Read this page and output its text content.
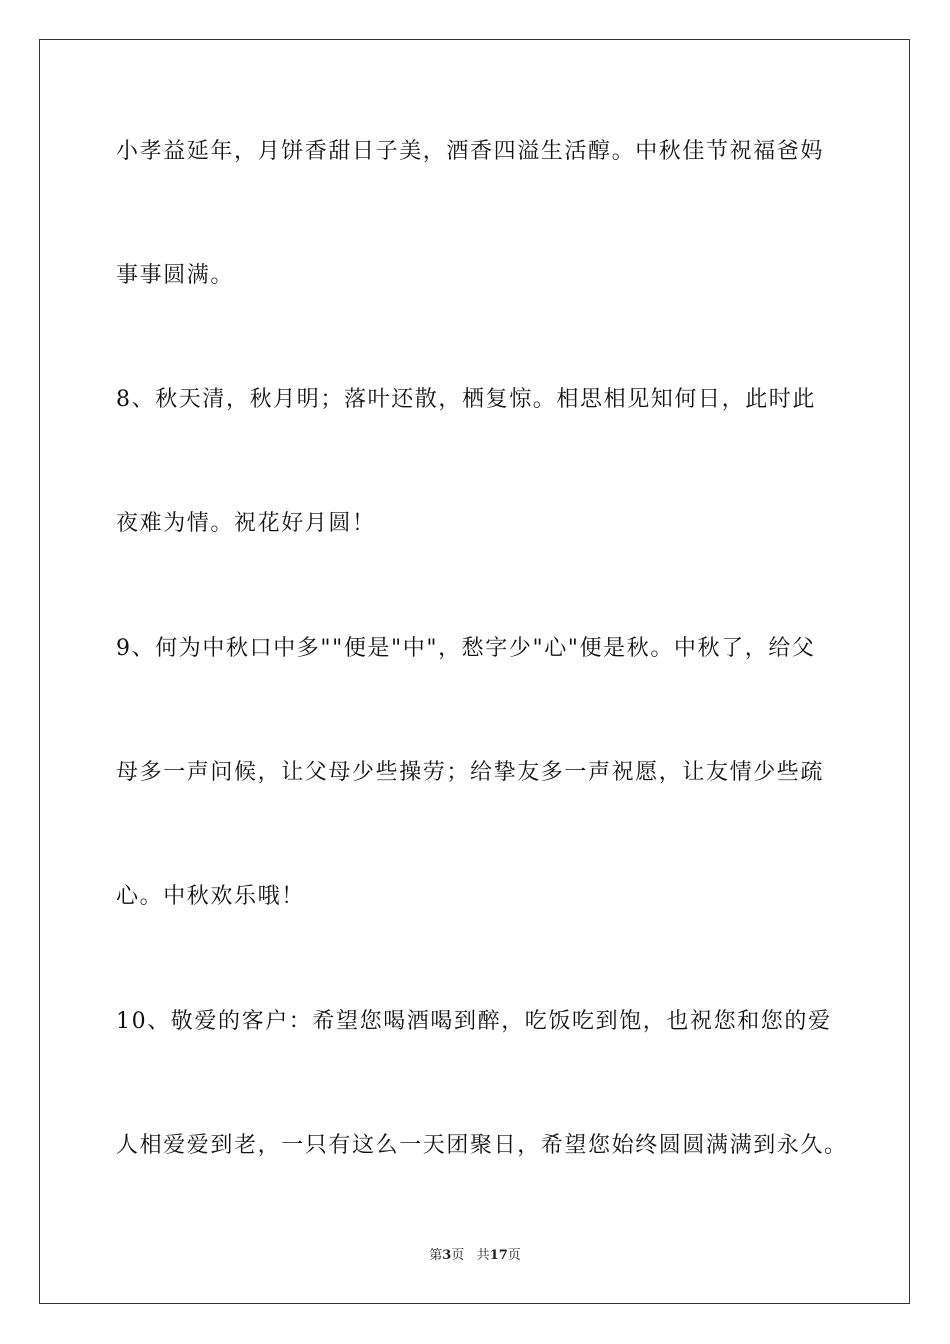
小孝益延年，月饼香甜日子美，酒香四溢生活醇。中秋佳节祝福爸妈
事事圆满。
8、秋天清，秋月明；落叶还散，栖复惊。相思相见知何日，此时此
夜难为情。祝花好月圆！
9、何为中秋口中多""便是"中"，愁字少"心"便是秋。中秋了，给父
母多一声问候，让父母少些操劳；给挚友多一声祝愿，让友情少些疏
心。中秋欢乐哦！
10、敬爱的客户：希望您喝酒喝到醉，吃饭吃到饱，也祝您和您的爱
人相爱爱到老，一只有这么一天团聚日，希望您始终圆圆满满到永久。
第3页 共17页
